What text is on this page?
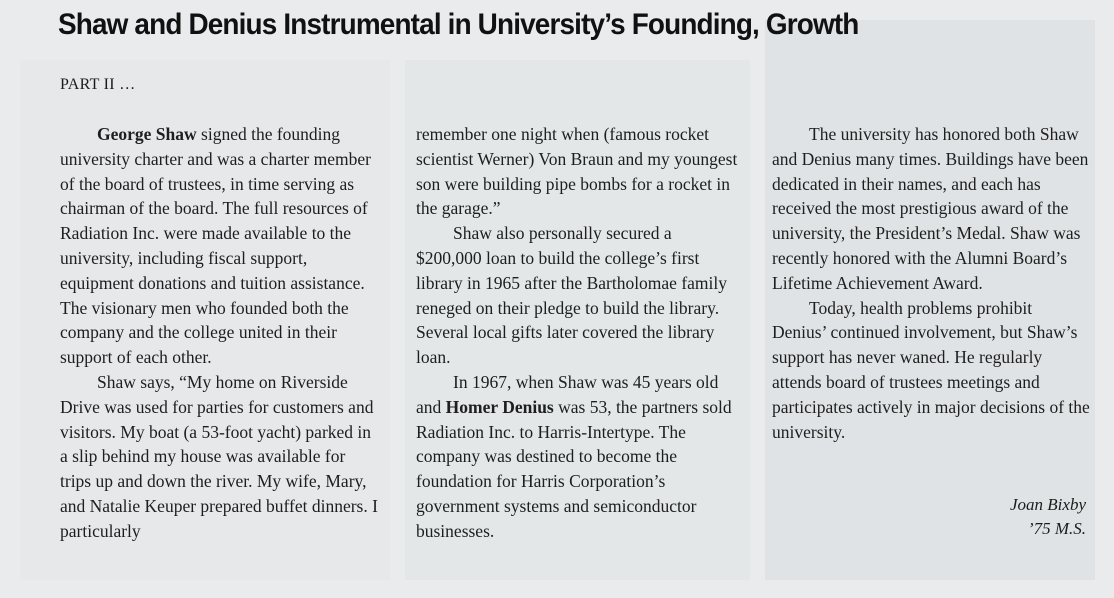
Shaw and Denius Instrumental in University’s Founding, Growth
PART II …

George Shaw signed the founding university charter and was a charter member of the board of trustees, in time serving as chairman of the board. The full resources of Radiation Inc. were made available to the university, including fiscal support, equipment donations and tuition assistance. The visionary men who founded both the company and the college united in their support of each other.

Shaw says, “My home on Riverside Drive was used for parties for customers and visitors. My boat (a 53-foot yacht) parked in a slip behind my house was available for trips up and down the river. My wife, Mary, and Natalie Keuper prepared buffet dinners. I particularly

remember one night when (famous rocket scientist Werner) Von Braun and my youngest son were building pipe bombs for a rocket in the garage.”

Shaw also personally secured a $200,000 loan to build the college’s first library in 1965 after the Bartholomae family reneged on their pledge to build the library. Several local gifts later covered the library loan.

In 1967, when Shaw was 45 years old and Homer Denius was 53, the partners sold Radiation Inc. to Harris-Intertype. The company was destined to become the foundation for Harris Corporation’s government systems and semiconductor businesses.

The university has honored both Shaw and Denius many times. Buildings have been dedicated in their names, and each has received the most prestigious award of the university, the President’s Medal. Shaw was recently honored with the Alumni Board’s Lifetime Achievement Award.

Today, health problems prohibit Denius’ continued involvement, but Shaw’s support has never waned. He regularly attends board of trustees meetings and participates actively in major decisions of the university.

Joan Bixby
’75 M.S.
